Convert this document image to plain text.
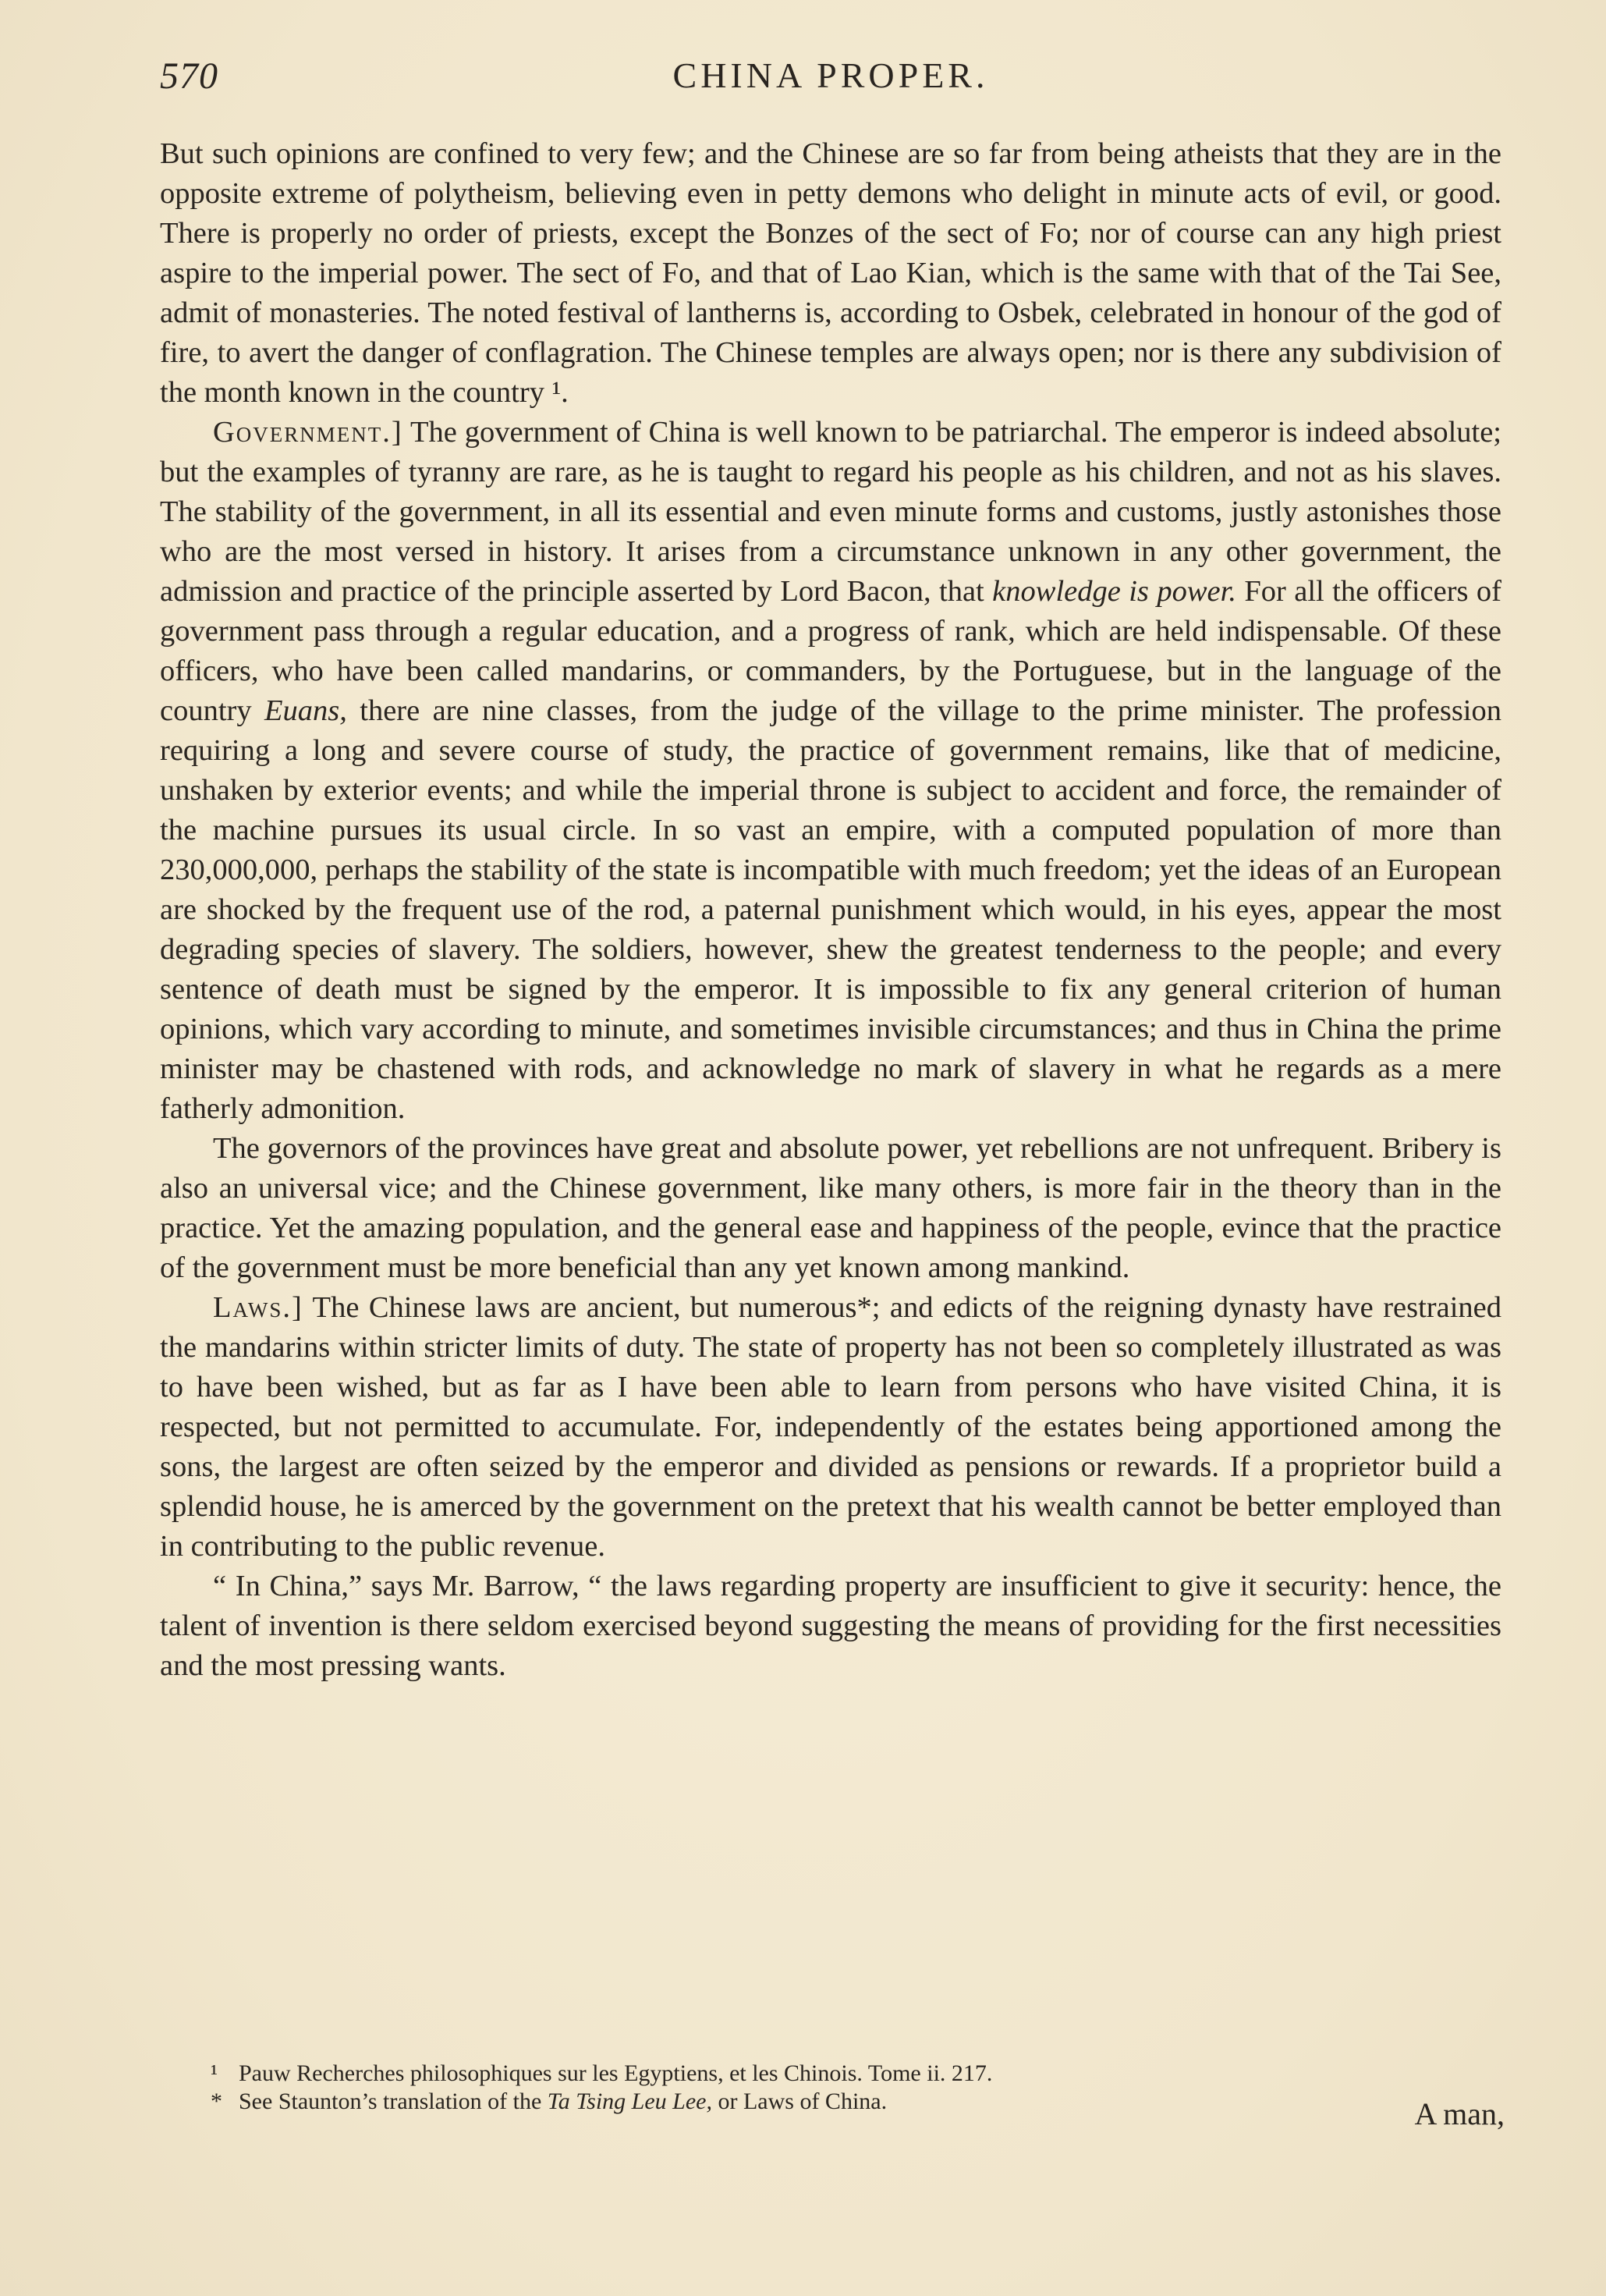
570	CHINA PROPER.

But such opinions are confined to very few; and the Chinese are so far from being atheists that they are in the opposite extreme of polytheism, believing even in petty demons who delight in minute acts of evil, or good. There is properly no order of priests, except the Bonzes of the sect of Fo; nor of course can any high priest aspire to the imperial power. The sect of Fo, and that of Lao Kian, which is the same with that of the Tai See, admit of monasteries. The noted festival of lantherns is, according to Osbek, celebrated in honour of the god of fire, to avert the danger of conflagration. The Chinese temples are always open; nor is there any subdivision of the month known in the country ¹.

Government.] The government of China is well known to be patriarchal. The emperor is indeed absolute; but the examples of tyranny are rare, as he is taught to regard his people as his children, and not as his slaves. The stability of the government, in all its essential and even minute forms and customs, justly astonishes those who are the most versed in history. It arises from a circumstance unknown in any other government, the admission and practice of the principle asserted by Lord Bacon, that knowledge is power. For all the officers of government pass through a regular education, and a progress of rank, which are held indispensable. Of these officers, who have been called mandarins, or commanders, by the Portuguese, but in the language of the country Euans, there are nine classes, from the judge of the village to the prime minister. The profession requiring a long and severe course of study, the practice of government remains, like that of medicine, unshaken by exterior events; and while the imperial throne is subject to accident and force, the remainder of the machine pursues its usual circle. In so vast an empire, with a computed population of more than 230,000,000, perhaps the stability of the state is incompatible with much freedom; yet the ideas of an European are shocked by the frequent use of the rod, a paternal punishment which would, in his eyes, appear the most degrading species of slavery. The soldiers, however, shew the greatest tenderness to the people; and every sentence of death must be signed by the emperor. It is impossible to fix any general criterion of human opinions, which vary according to minute, and sometimes invisible circumstances; and thus in China the prime minister may be chastened with rods, and acknowledge no mark of slavery in what he regards as a mere fatherly admonition.

The governors of the provinces have great and absolute power, yet rebellions are not unfrequent. Bribery is also an universal vice; and the Chinese government, like many others, is more fair in the theory than in the practice. Yet the amazing population, and the general ease and happiness of the people, evince that the practice of the government must be more beneficial than any yet known among mankind.

Laws.] The Chinese laws are ancient, but numerous*; and edicts of the reigning dynasty have restrained the mandarins within stricter limits of duty. The state of property has not been so completely illustrated as was to have been wished, but as far as I have been able to learn from persons who have visited China, it is respected, but not permitted to accumulate. For, independently of the estates being apportioned among the sons, the largest are often seized by the emperor and divided as pensions or rewards. If a proprietor build a splendid house, he is amerced by the government on the pretext that his wealth cannot be better employed than in contributing to the public revenue.

“ In China,” says Mr. Barrow, “ the laws regarding property are insufficient to give it security: hence, the talent of invention is there seldom exercised beyond suggesting the means of providing for the first necessities and the most pressing wants.

¹ Pauw Recherches philosophiques sur les Egyptiens, et les Chinois. Tome ii. 217.

* See Staunton’s translation of the Ta Tsing Leu Lee, or Laws of China.	A man,
